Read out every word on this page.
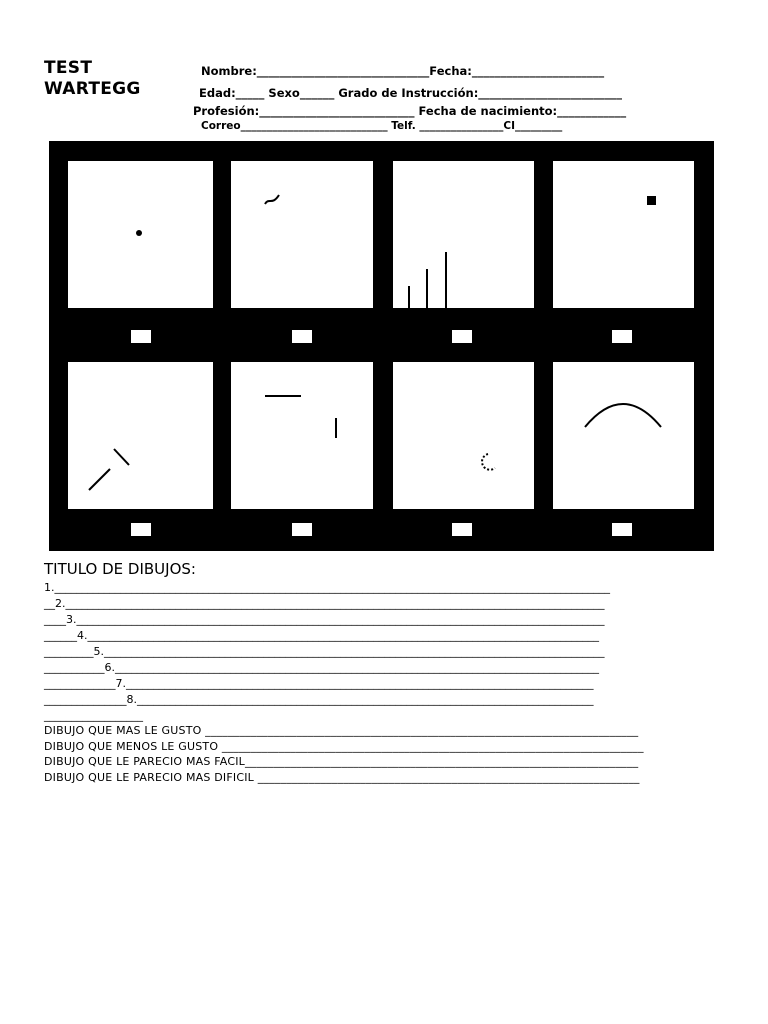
TEST
WARTEGG
Nombre:______________________________Fecha:_______________________
Edad:_____ Sexo______ Grado de Instrucción:_________________________
Profesión:___________________________ Fecha de nacimiento:____________
Correo____________________________ Telf. ________________CI_________
TITULO DE DIBUJOS:
1._____________________________________________________________________________________________________
__2.__________________________________________________________________________________________________
____3.________________________________________________________________________________________________
______4._____________________________________________________________________________________________
_________5.___________________________________________________________________________________________
___________6.________________________________________________________________________________________
_____________7._____________________________________________________________________________________
_______________8.___________________________________________________________________________________
__________________
DIBUJO QUE MAS LE GUSTO ____________________________________________________________________________
DIBUJO QUE MENOS LE GUSTO __________________________________________________________________________
DIBUJO QUE LE PARECIO MAS FACIL_____________________________________________________________________
DIBUJO QUE LE PARECIO MAS DIFICIL ___________________________________________________________________
